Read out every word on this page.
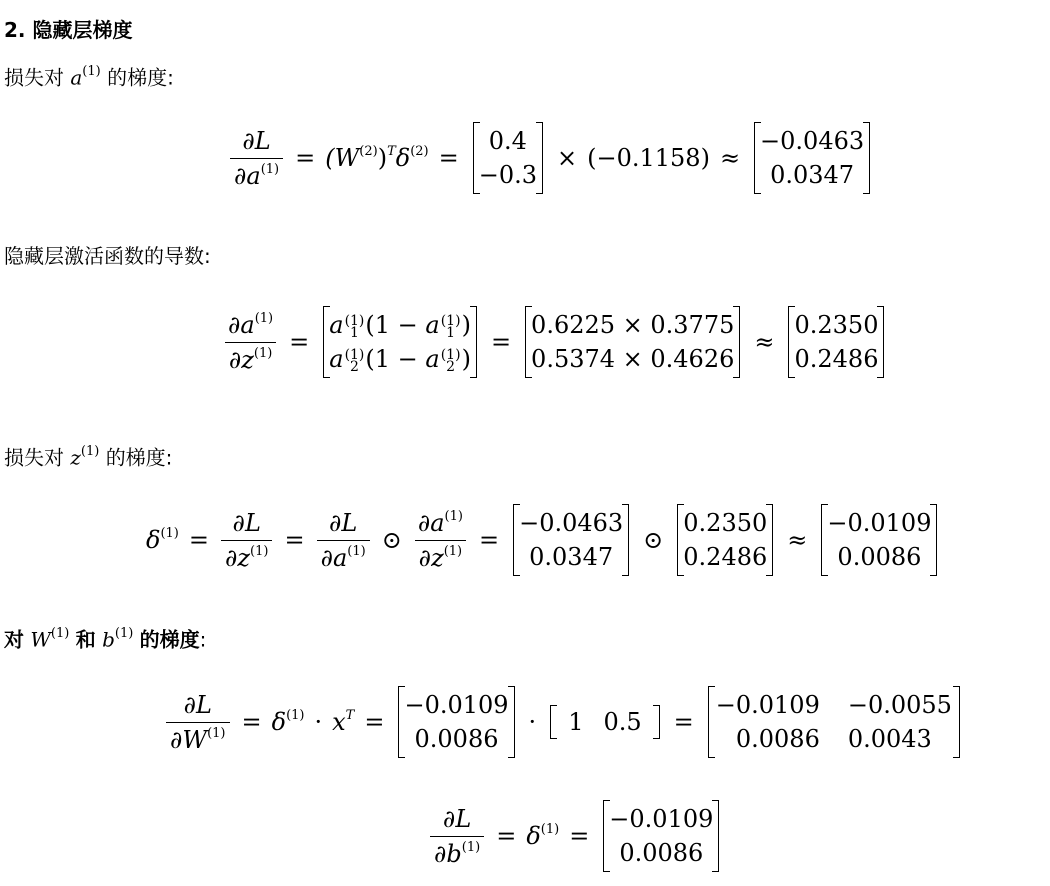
2. 隐藏层梯度
损失对 $a^{(1)}$ 的梯度:
$\frac{\partial L}{\partial a^{(1)}} = (W^{(2)})^T\delta^{(2)}$ =
0.4
−0.3
× (−0.1158) ≈
−0.0463
0.0347
隐藏层激活函数的导数:
$\frac{\partial a^{(1)}}{\partial z^{(1)}}$ =
a (1)
1 (1 − a (1)
1 )
a (1)
2 (1 − a (1)
2 )
=
0.6225 × 0.3775
0.5374 × 0.4626
≈
0.2350
0.2486
损失对 $z^{(1)}$ 的梯度:
$\delta^{(1)} = \frac{\partial L}{\partial z^{(1)}} = \frac{\partial L}{\partial a^{(1)}}$ ⊙ $\frac{\partial a^{(1)}}{\partial z^{(1)}}$ =
−0.0463
0.0347
⊙
0.2350
0.2486
≈
−0.0109
0.0086
对 $W^{(1)}$ 和 $b^{(1)}$ 的梯度:
$\frac{\partial L}{\partial W^{(1)}} = \delta^{(1)} \cdot x^T$ =
−0.0109
0.0086
·	1 0.5	=
−0.0109	−0.0055
0.0086	0.0043
$\frac{\partial L}{\partial b^{(1)}} = \delta^{(1)}$ =
−0.0109
0.0086
